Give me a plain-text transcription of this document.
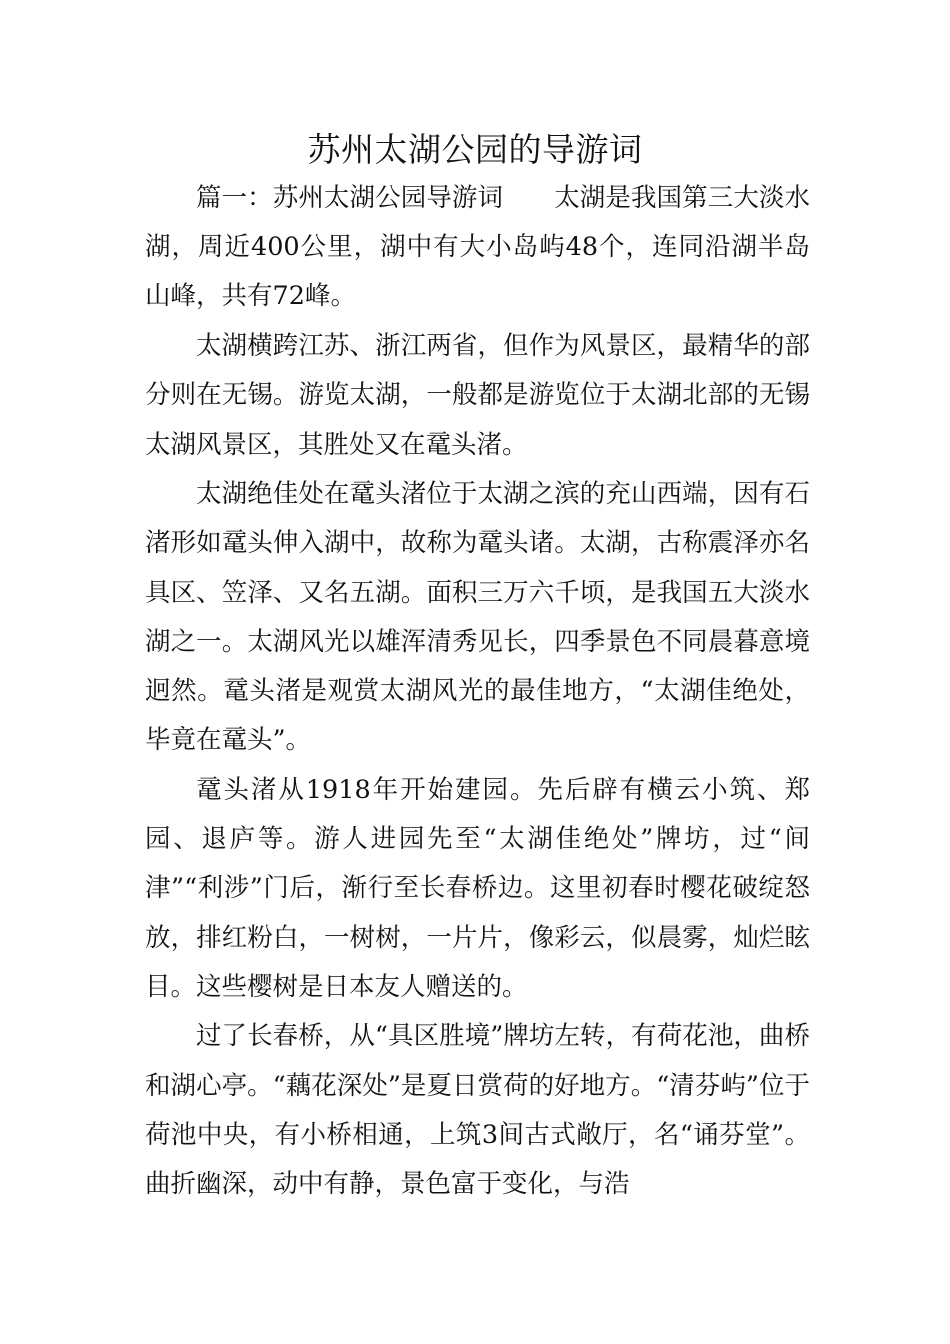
苏州太湖公园的导游词

篇一：苏州太湖公园导游词　　太湖是我国第三大淡水湖，周近400公里，湖中有大小岛屿48个，连同沿湖半岛山峰，共有72峰。

太湖横跨江苏、浙江两省，但作为风景区，最精华的部分则在无锡。游览太湖，一般都是游览位于太湖北部的无锡太湖风景区，其胜处又在鼋头渚。

太湖绝佳处在鼋头渚位于太湖之滨的充山西端，因有石渚形如鼋头伸入湖中，故称为鼋头诸。太湖，古称震泽亦名具区、笠泽、又名五湖。面积三万六千顷，是我国五大淡水湖之一。太湖风光以雄浑清秀见长，四季景色不同晨暮意境迥然。鼋头渚是观赏太湖风光的最佳地方，“太湖佳绝处，毕竟在鼋头”。

鼋头渚从1918年开始建园。先后辟有横云小筑、郑园、退庐等。游人进园先至“太湖佳绝处”牌坊，过“间津”“利涉”门后，渐行至长春桥边。这里初春时樱花破绽怒放，排红粉白，一树树，一片片，像彩云，似晨雾，灿烂眩目。这些樱树是日本友人赠送的。

过了长春桥，从“具区胜境”牌坊左转，有荷花池，曲桥和湖心亭。“藕花深处”是夏日赏荷的好地方。“清芬屿”位于荷池中央，有小桥相通，上筑3间古式敞厅，名“诵芬堂”。曲折幽深，动中有静，景色富于变化，与浩
